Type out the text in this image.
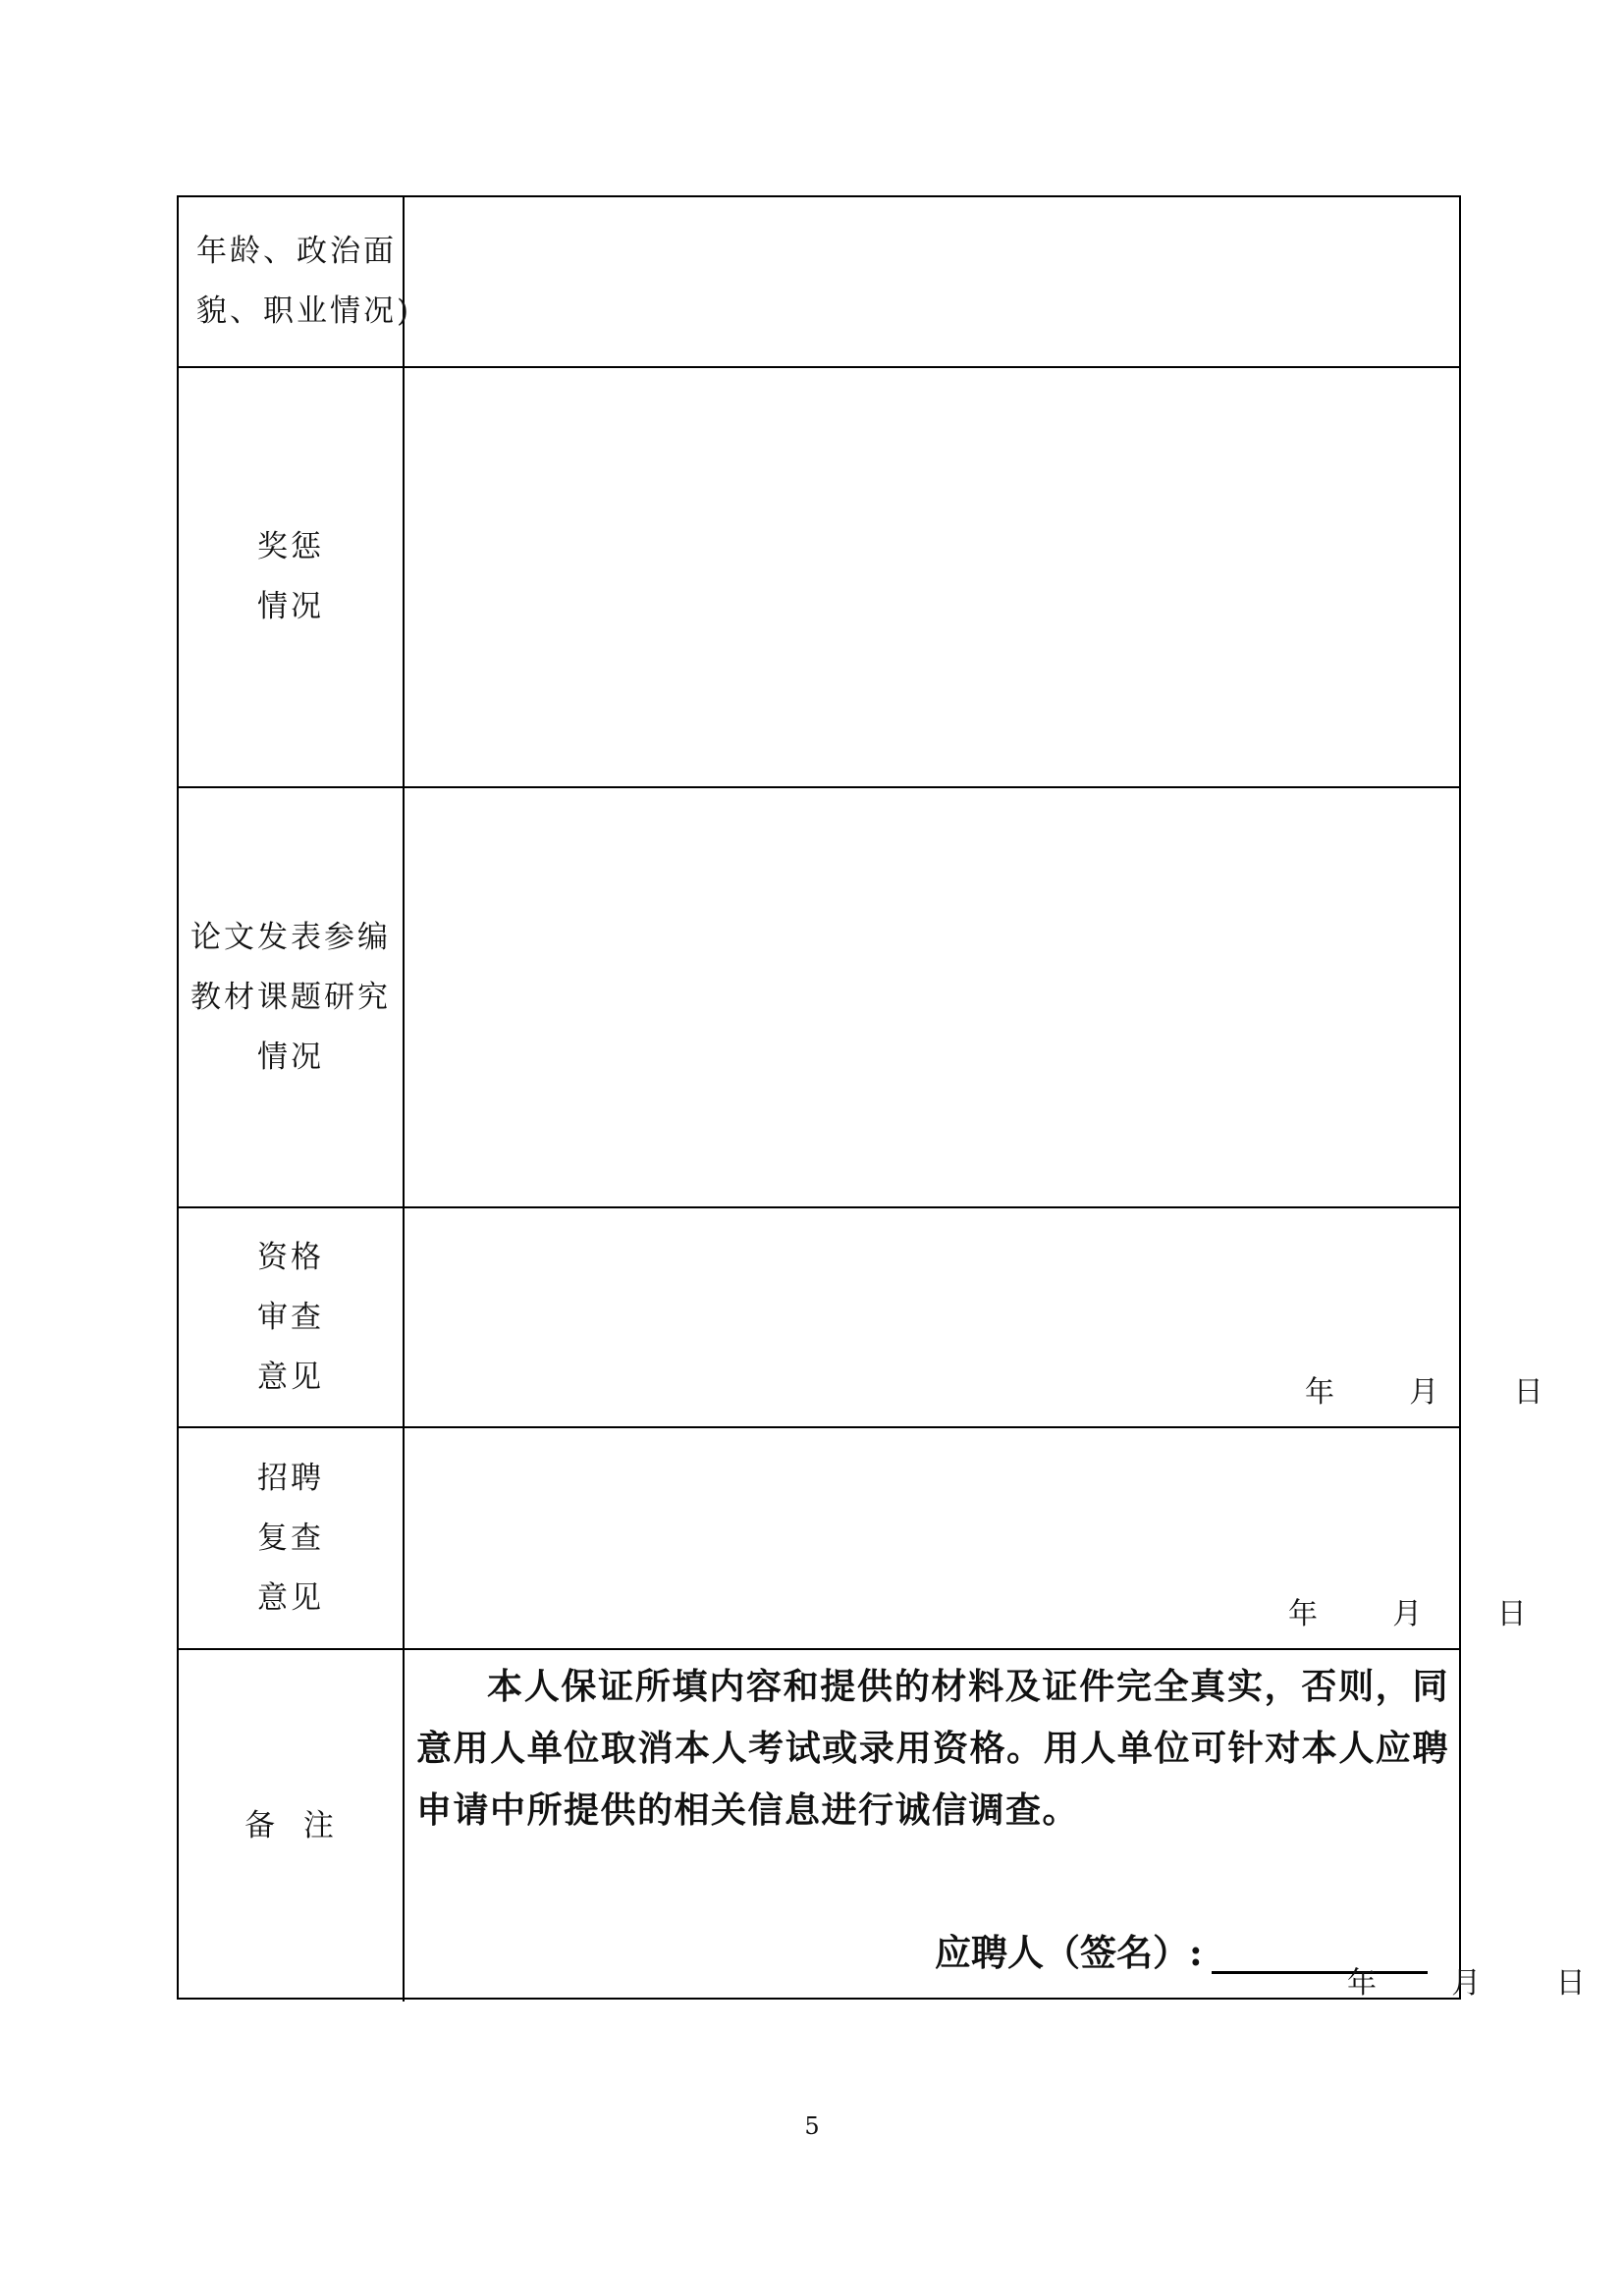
年龄、政治面
貌、职业情况)
奖惩
情况
论文发表参编
教材课题研究
情况
资格
审查
意见	年        月        日
招聘
复查
意见	年        月        日
备  注
本人保证所填内容和提供的材料及证件完全真实，否则，同意用人单位取消本人考试或录用资格。用人单位可针对本人应聘申请中所提供的相关信息进行诚信调查。
应聘人（签名）:
年        月        日
5
